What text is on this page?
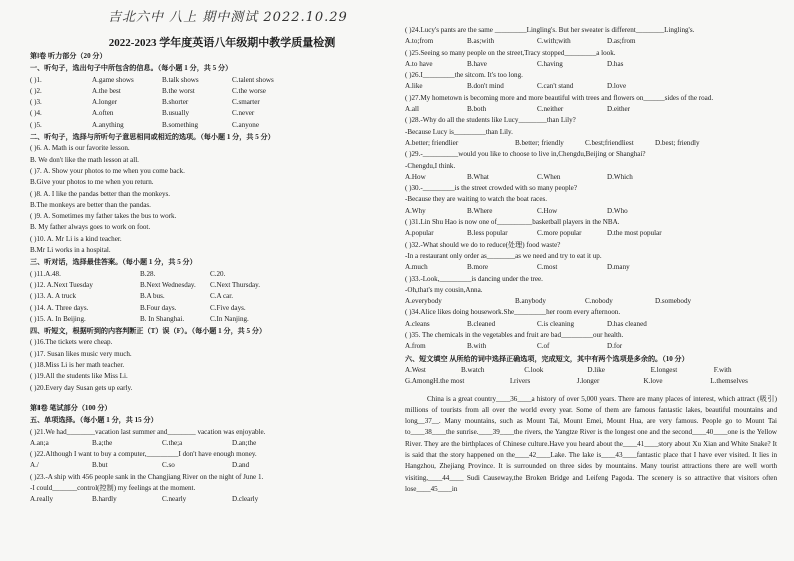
吉北六中 八上 期中测试 2022.10.29
2022-2023 学年度英语八年级期中教学质量检测
第Ⅰ卷 听力部分（20 分）
一、听句子，选出句子中所包含的信息。（每小题 1 分，共 5 分）
( )1.	A.game shows	B.talk shows	C.talent shows
( )2.	A.the best	B.the worst	C.the worse
( )3.	A.longer	B.shorter	C.smarter
( )4.	A.often	B.usually	C.never
( )5.	A.anything	B.something	C.anyone
二、听句子，选择与所听句子意思相同或相近的选项。（每小题 1 分，共 5 分）
( )6. A. Math is our favorite lesson.
B. We don't like the math lesson at all.
( )7. A. Show your photos to me when you come back.
B.Give your photos to me when you return.
( )8. A. I like the pandas better than the monkeys.
B.The monkeys are better than the pandas.
( )9. A. Sometimes my father takes the bus to work.
B. My father always goes to work on foot.
( )10. A. Mr Li is a kind teacher.
B.Mr Li works in a hospital.
三、听对话，选择最佳答案。（每小题 1 分，共 5 分）
( )11.A.48.	B.28.	C.20.
( )12. A.Next Tuesday	B.Next Wednesday.	C.Next Thursday.
( )13. A. A truck	B.A bus.	C.A car.
( )14. A. Three days.	B.Four days.	C.Five days.
( )15. A. In Beijing.	B. In Shanghai.	C.In Nanjing.
四、听短文，根据听到的内容判断正（T）误（F）。（每小题 1 分，共 5 分）
( )16.The tickets were cheap.
( )17. Susan likes music very much.
( )18.Miss Li is her math teacher.
( )19.All the students like Miss Li.
( )20.Every day Susan gets up early.
第Ⅱ卷 笔试部分（100 分）
五、单项选择。（每小题 1 分，共 15 分）
( )21.We had________vacation last summer and________ vacation was enjoyable.
A.an;a	B.a;the	C.the;a	D.an;the
( )22.Although I want to buy a computer,_________I don't have enough money.
A./	B.but	C.so	D.and
( )23.-A ship with 456 people sank in the Changjiang River on the night of June 1.
-I could_______control(控制) my feelings at the moment.
A.really	B.hardly	C.nearly	D.clearly
( )24.Lucy's pants are the same _________Lingling's. But her sweater is different________Lingling's.
A.to;from	B.as;with	C.with;with	D.as;from
( )25.Seeing so many people on the street,Tracy stopped_________a look.
A.to have	B.have	C.having	D.has
( )26.I_________the sitcom. It's too long.
A.like	B.don't mind	C.can't stand	D.love
( )27.My hometown is becoming more and more beautiful with trees and flowers on______sides of the road.
A.all	B.both	C.neither	D.either
( )28.-Why do all the students like Lucy________than Lily?
-Because Lucy is_________than Lily.
A.better; friendlier	B.better; friendly	C.best;friendliest	D.best; friendly
( )29.-__________would you like to choose to live in,Chengdu,Beijing or Shanghai?
-Chengdu,I think.
A.How	B.What	C.When	D.Which
( )30.-_________is the street crowded with so many people?
-Because they are waiting to watch the boat races.
A.Why	B.Where	C.How	D.Who
( )31.Lin Shu Hao is now one of__________basketball players in the NBA.
A.popular	B.less popular	C.more popular	D.the most popular
( )32.-What should we do to reduce(处理) food waste?
-In a restaurant only order as________as we need and try to eat it up.
A.much	B.more	C.most	D.many
( )33.-Look,_________is dancing under the tree.
-Oh,that's my cousin,Anna.
A.everybody	B.anybody	C.nobody	D.somebody
( )34.Alice likes doing housework.She_________her room every afternoon.
A.cleans	B.cleaned	C.is cleaning	D.has cleaned
( )35. The chemicals in the vegetables and fruit are bad_________our health.
A.from	B.with	C.of	D.for
六、短文填空 从所给的词中选择正确选项，完成短文，其中有两个选项是多余的。（10 分）
A.West	B.watch	C.look	D.like	E.longest	F.with
G.AmongH.the most	I.rivers	J.longer	K.love	L.themselves

China is a great country____36____a history of over 5,000 years. There are many places of interest, which attract (吸引) millions of tourists from all over the world every year. Some of them are famous fantastic lakes, beautiful mountains and long__37__. Many mountains, such as Mount Tai, Mount Emei, Mount Hua, are very famous. People go to Mount Tai to____38____the sunrise.____39____the rivers, the Yangtze River is the longest one and the second____40____one is the Yellow River. They are the birthplaces of Chinese culture.Have you heard about the____41____story about Xu Xian and White Snake? It is said that the story happened on the____42____Lake. The lake is____43____fantastic place that I have ever visited. It lies in Hangzhou, Zhejiang Province. It is surrounded on three sides by mountains. Many tourist attractions there are well worth visiting,____44____ Sudi Causeway,the Broken Bridge and Leifeng Pagoda. The scenery is so attractive that visitors often lose____45____in
